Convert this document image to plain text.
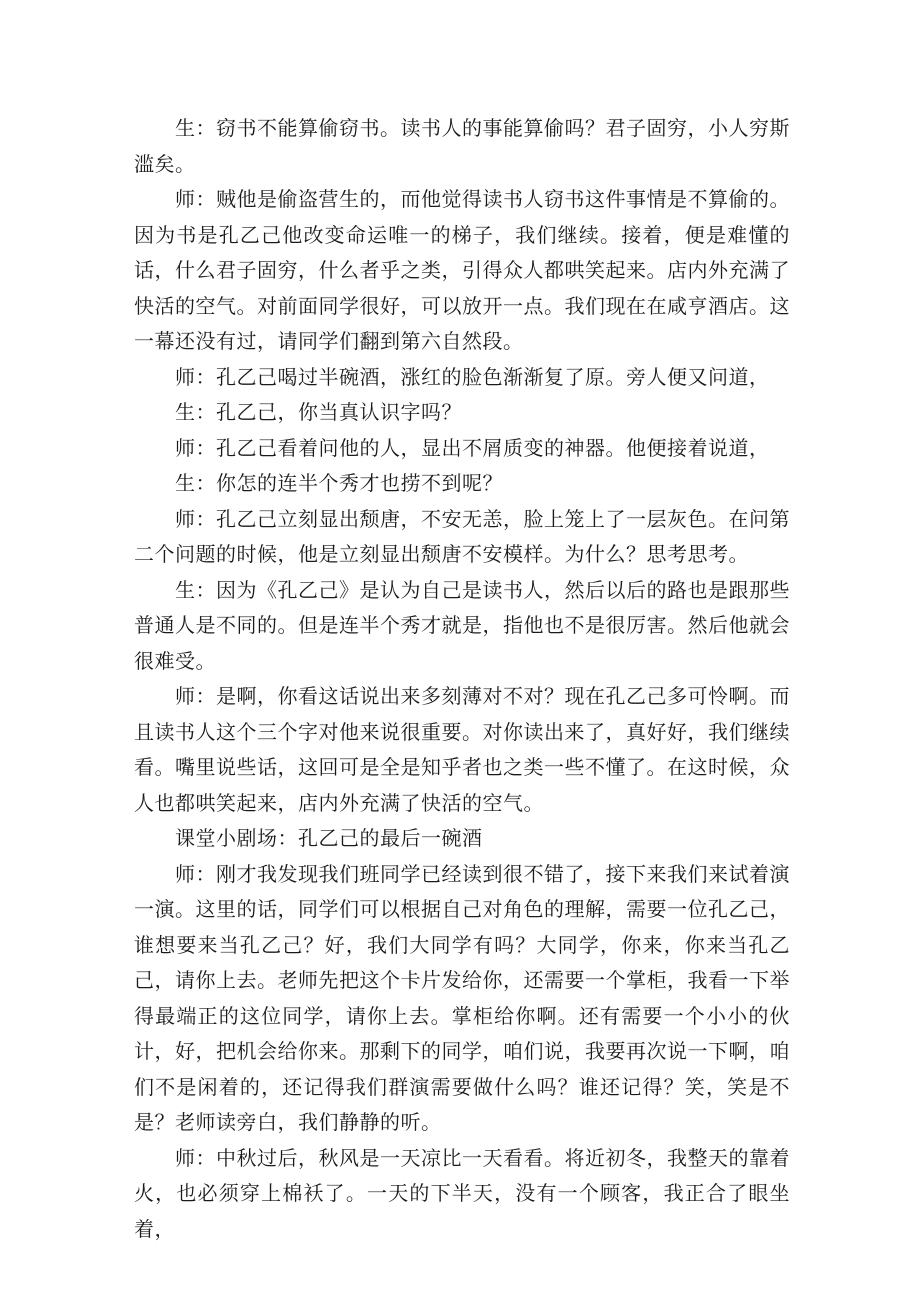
生：窃书不能算偷窃书。读书人的事能算偷吗？君子固穷，小人穷斯滥矣。

师：贼他是偷盗营生的，而他觉得读书人窃书这件事情是不算偷的。因为书是孔乙己他改变命运唯一的梯子，我们继续。接着，便是难懂的话，什么君子固穷，什么者乎之类，引得众人都哄笑起来。店内外充满了快活的空气。对前面同学很好，可以放开一点。我们现在在咸亨酒店。这一幕还没有过，请同学们翻到第六自然段。

师：孔乙己喝过半碗酒，涨红的脸色渐渐复了原。旁人便又问道，

生：孔乙己，你当真认识字吗？

师：孔乙己看着问他的人，显出不屑质变的神器。他便接着说道，

生：你怎的连半个秀才也捞不到呢？

师：孔乙己立刻显出颓唐，不安无恙，脸上笼上了一层灰色。在问第二个问题的时候，他是立刻显出颓唐不安模样。为什么？思考思考。

生：因为《孔乙己》是认为自己是读书人，然后以后的路也是跟那些普通人是不同的。但是连半个秀才就是，指他也不是很厉害。然后他就会很难受。

师：是啊，你看这话说出来多刻薄对不对？现在孔乙己多可怜啊。而且读书人这个三个字对他来说很重要。对你读出来了，真好好，我们继续看。嘴里说些话，这回可是全是知乎者也之类一些不懂了。在这时候，众人也都哄笑起来，店内外充满了快活的空气。

课堂小剧场：孔乙己的最后一碗酒

师：刚才我发现我们班同学已经读到很不错了，接下来我们来试着演一演。这里的话，同学们可以根据自己对角色的理解，需要一位孔乙己，谁想要来当孔乙己？好，我们大同学有吗？大同学，你来，你来当孔乙己，请你上去。老师先把这个卡片发给你，还需要一个掌柜，我看一下举得最端正的这位同学，请你上去。掌柜给你啊。还有需要一个小小的伙计，好，把机会给你来。那剩下的同学，咱们说，我要再次说一下啊，咱们不是闲着的，还记得我们群演需要做什么吗？谁还记得？笑，笑是不是？老师读旁白，我们静静的听。

师：中秋过后，秋风是一天凉比一天看看。将近初冬，我整天的靠着火，也必须穿上棉袄了。一天的下半天，没有一个顾客，我正合了眼坐着，
